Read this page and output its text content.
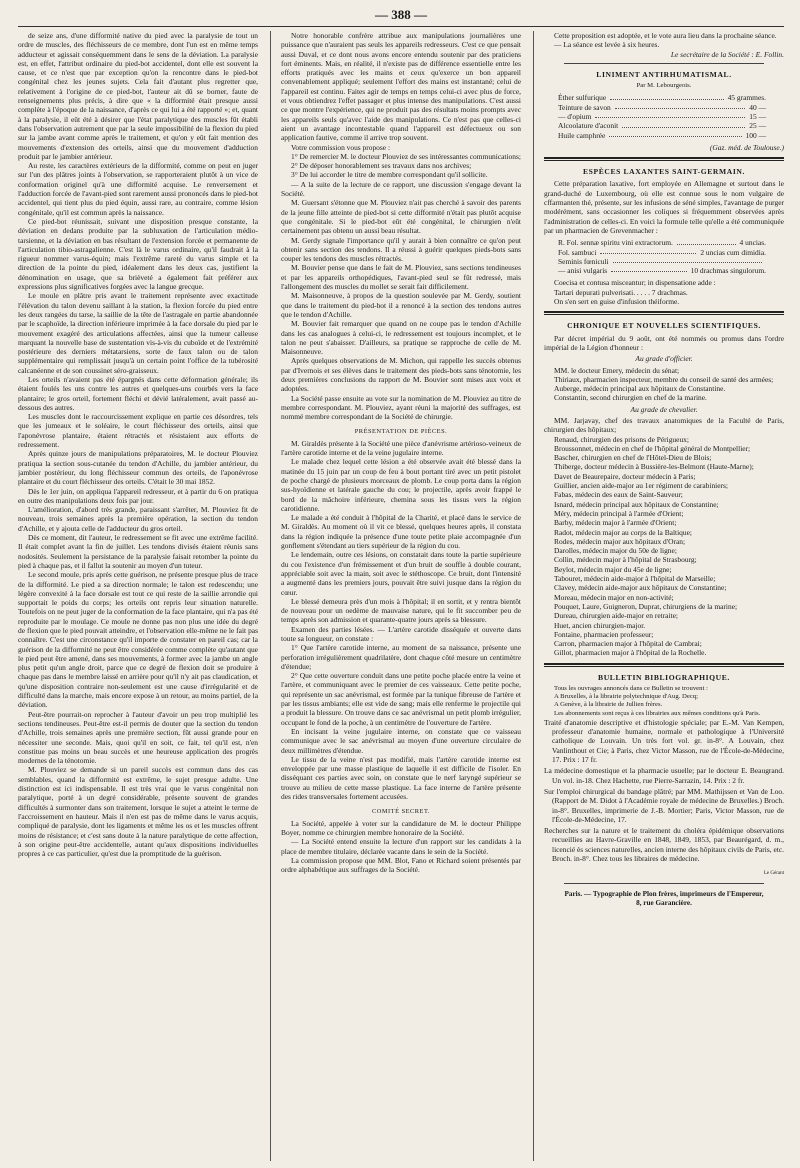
— 388 —

de seize ans, d'une difformité native du pied avec la paralysie de tout un ordre de muscles, des fléchisseurs de ce membre, dont l'un est en même temps adducteur et agissait conséquemment dans le sens de la déviation. La paralysie est, en effet, l'attribut ordinaire du pied-bot accidentel, dont elle est souvent la cause, et ce n'est que par exception qu'on la rencontre dans le pied-bot congénital chez les jeunes sujets. Cela fait d'autant plus regretter que, relativement à l'origine de ce pied-bot, l'auteur ait dû se borner, faute de renseignements plus précis, à dire que « la difformité était presque aussi complète à l'époque de la naissance, d'après ce qui lui a été rapporté »; et, quant à la paralysie, il eût été à désirer que l'état paralytique des muscles fût établi dans l'observation autrement que par la seule impossibilité de la flexion du pied sur la jambe avant comme après le traitement, et qu'on y eût fait mention des mouvements d'extension des orteils, ainsi que du mouvement d'adduction produit par le jambier antérieur.

Au reste, les caractères extérieurs de la difformité, comme on peut en juger sur l'un des plâtres joints à l'observation, se rapporteraient plutôt à un vice de conformation originel qu'à une difformité acquise. Le renversement et l'adduction forcée de l'avant-pied sont rarement aussi prononcés dans le pied-bot accidentel, qui tient plus du pied équin, aussi rare, au contraire, comme lésion congénitale, qu'il est commun après la naissance.

Ce pied-bot réunissait, suivant une disposition presque constante, la déviation en dedans produite par la subluxation de l'articulation médio-tarsienne, et la déviation en bas résultant de l'extension forcée et permanente de l'articulation tibio-astragalienne. C'est là le varus ordinaire, qu'il faudrait à la rigueur nommer varus-équin; mais l'extrême rareté du varus simple et la direction de la pointe du pied, idéalement dans les deux cas, justifient la dénomination en usage, que sa brièveté a également fait préférer aux expressions plus significatives forgées avec la langue grecque.

Le moule en plâtre pris avant le traitement représente avec exactitude l'élévation du talon devenu saillant à la station, la flexion forcée du pied entre les deux rangées du tarse, la saillie de la tête de l'astragale en partie abandonnée par le scaphoïde, la direction inférieure imprimée à la face dorsale du pied par le mouvement exagéré des articulations affectées, ainsi que la tumeur calleuse marquant la nouvelle base de sustentation vis-à-vis du cuboïde et de l'extrémité postérieure des derniers métatarsiens, sorte de faux talon ou de talon supplémentaire qui remplissait jusqu'à un certain point l'office de la tubérosité calcanéenne et de son coussinet séro-graisseux.

Les orteils n'avaient pas été épargnés dans cette déformation générale; ils étaient foulés les uns contre les autres et quelques-uns courbés vers la face plantaire; le gros orteil, fortement fléchi et dévié latéralement, avait passé au-dessous des autres.

Les muscles dont le raccourcissement explique en partie ces désordres, tels que les jumeaux et le soléaire, le court fléchisseur des orteils, ainsi que l'aponévrose plantaire, étaient rétractés et résistaient aux efforts de redressement.

Après quinze jours de manipulations préparatoires, M. le docteur Plouviez pratiqua la section sous-cutanée du tendon d'Achille, du jambier antérieur, du jambier postérieur, du long fléchisseur commun des orteils, de l'aponévrose plantaire et du court fléchisseur des orteils. C'était le 30 mai 1852.

Dès le 1er juin, on appliqua l'appareil redresseur, et à partir du 6 on pratiqua en outre des manipulations deux fois par jour.

L'amélioration, d'abord très grande, paraissant s'arrêter, M. Plouviez fit de nouveau, trois semaines après la première opération, la section du tendon d'Achille, et y ajouta celle de l'adducteur du gros orteil.

Dès ce moment, dit l'auteur, le redressement se fit avec une extrême facilité. Il était complet avant la fin de juillet. Les tendons divisés étaient réunis sans nodosités. Seulement la persistance de la paralysie faisait retomber la pointe du pied à chaque pas, et il fallut la soutenir au moyen d'un tuteur.

Le second moule, pris après cette guérison, ne présente presque plus de trace de la difformité. Le pied a sa direction normale; le talon est redescendu; une légère convexité à la face dorsale est tout ce qui reste de la saillie arrondie qui supportait le poids du corps; les orteils ont repris leur situation naturelle. Toutefois on ne peut juger de la conformation de la face plantaire, qui n'a pas été reproduite par le moulage. Ce moule ne donne pas non plus une idée du degré de flexion que le pied pouvait atteindre, et l'observation elle-même ne le fait pas connaître. C'est une circonstance qu'il importe de constater en pareil cas; car la guérison de la difformité ne peut être considérée comme complète qu'autant que le pied peut être amené, dans ses mouvements, à former avec la jambe un angle plus petit qu'un angle droit, parce que ce degré de flexion doit se produire à chaque pas dans le membre laissé en arrière pour qu'il n'y ait pas claudication, et qu'une disposition contraire non-seulement est une cause d'irrégularité et de difficulté dans la marche, mais encore expose à un retour, au moins partiel, de la déviation.

Peut-être pourrait-on reprocher à l'auteur d'avoir un peu trop multiplié les sections tendineuses. Peut-être est-il permis de douter que la section du tendon d'Achille, trois semaines après une première section, fût aussi grande pour en nécessiter une seconde. Mais, quoi qu'il en soit, ce fait, tel qu'il est, n'en constitue pas moins un beau succès et une heureuse application des progrès modernes de la ténotomie.

M. Plouviez se demande si un pareil succès est commun dans des cas semblables, quand la difformité est extrême, le sujet presque adulte. Une distinction est ici indispensable. Il est très vrai que le varus congénital non paralytique, porté à un degré considérable, présente souvent de grandes difficultés à surmonter dans son traitement, lorsque le sujet a atteint le terme de l'accroissement en hauteur. Mais il n'en est pas de même dans le varus acquis, compliqué de paralysie, dont les ligaments et même les os et les muscles offrent moins de résistance; et c'est sans doute à la nature paralytique de cette affection, à son origine peut-être accidentelle, autant qu'aux dispositions individuelles propres à ce cas particulier, qu'est due la promptitude de la guérison.

Notre honorable confrère attribue aux manipulations journalières une puissance que n'auraient pas seuls les appareils redresseurs. C'est ce que pensait aussi Duval, et ce dont nous avons encore entendu soutenir par des praticiens fort éminents. Mais, en réalité, il n'existe pas de différence essentielle entre les efforts pratiqués avec les mains et ceux qu'exerce un bon appareil convenablement appliqué; seulement l'effort des mains est instantané; celui de l'appareil est continu. Faites agir de temps en temps celui-ci avec plus de force, et vous obtiendrez l'effet passager et plus intense des manipulations. C'est aussi ce que montre l'expérience, qui ne produit pas des résultats moins prompts avec les appareils seuls qu'avec l'aide des manipulations. Ce n'est pas que celles-ci aient un avantage incontestable quand l'appareil est défectueux ou son application fautive, comme il arrive trop souvent.

Votre commission vous propose :

1° De remercier M. le docteur Plouviez de ses intéressantes communications;

2° De déposer honorablement ses travaux dans nos archives;

3° De lui accorder le titre de membre correspondant qu'il sollicite.

— A la suite de la lecture de ce rapport, une discussion s'engage devant la Société.

M. Guersant s'étonne que M. Plouviez n'ait pas cherché à savoir des parents de la jeune fille atteinte de pied-bot si cette difformité n'était pas plutôt acquise que congénitale. Si le pied-bot eût été congénital, le chirurgien n'eût certainement pas obtenu un aussi beau résultat.

M. Gerdy signale l'importance qu'il y aurait à bien connaître ce qu'on peut obtenir sans section des tendons. Il a réussi à guérir quelques pieds-bots sans couper les tendons des muscles rétractés.

M. Bouvier pense que dans le fait de M. Plouviez, sans sections tendineuses et par les appareils orthopédiques, l'avant-pied seul se fût redressé, mais l'allongement des muscles du mollet se serait fait difficilement.

M. Maisonneuve, à propos de la question soulevée par M. Gerdy, soutient que dans le traitement du pied-bot il a renoncé à la section des tendons autres que le tendon d'Achille.

M. Bouvier fait remarquer que quand on ne coupe pas le tendon d'Achille dans les cas analogues à celui-ci, le redressement est toujours incomplet, et le talon ne peut s'abaisser. D'ailleurs, sa pratique se rapproche de celle de M. Maisonneuve.

Après quelques observations de M. Michon, qui rappelle les succès obtenus par d'Ivernois et ses élèves dans le traitement des pieds-bots sans ténotomie, les deux premières conclusions du rapport de M. Bouvier sont mises aux voix et adoptées.

La Société passe ensuite au vote sur la nomination de M. Plouviez au titre de membre correspondant. M. Plouviez, ayant réuni la majorité des suffrages, est nommé membre correspondant de la Société de chirurgie.

PRÉSENTATION DE PIÈCES.

M. Giraldès présente à la Société une pièce d'anévrisme artérioso-veineux de l'artère carotide interne et de la veine jugulaire interne.

Le malade chez lequel cette lésion a été observée avait été blessé dans la matinée du 15 juin par un coup de feu à bout portant tiré avec un petit pistolet de poche chargé de plusieurs morceaux de plomb. Le coup porta dans la région sus-hyoïdienne et latérale gauche du cou; le projectile, après avoir frappé le bord de la mâchoire inférieure, chemina sous les tissus vers la région carotidienne.

Le malade a été conduit à l'hôpital de la Charité, et placé dans le service de M. Giraldès. Au moment où il vit ce blessé, quelques heures après, il constata dans la région indiquée la présence d'une toute petite plaie accompagnée d'un gonflement s'étendant au tiers supérieur de la région du cou.

Le lendemain, outre ces lésions, on constatait dans toute la partie supérieure du cou l'existence d'un frémissement et d'un bruit de souffle à double courant, appréciable soit avec la main, soit avec le stéthoscope. Ce bruit, dont l'intensité a augmenté dans les premiers jours, pouvait être suivi jusque dans la région du cœur.

Le blessé demeura près d'un mois à l'hôpital; il en sortit, et y rentra bientôt de nouveau pour un oedème de mauvaise nature, qui le fit succomber peu de temps après son admission et quarante-quatre jours après sa blessure.

Examen des parties lésées. — L'artère carotide disséquée et ouverte dans toute sa longueur, on constate :

1° Que l'artère carotide interne, au moment de sa naissance, présente une perforation irrégulièrement quadrilatère, dont chaque côté mesure un centimètre d'étendue;

2° Que cette ouverture conduit dans une petite poche placée entre la veine et l'artère, et communiquant avec le premier de ces vaisseaux. Cette petite poche, qui représente un sac anévrismal, est formée par la tunique fibreuse de l'artère et par les tissus ambiants; elle est vide de sang; mais elle renferme le projectile qui a produit la blessure. On trouve dans ce sac anévrismal un petit plomb irrégulier, occupant le fond de la poche, à un centimètre de l'ouverture de l'artère.

En incisant la veine jugulaire interne, on constate que ce vaisseau communique avec le sac anévrismal au moyen d'une ouverture circulaire de deux millimètres d'étendue.

Le tissu de la veine n'est pas modifié, mais l'artère carotide interne est enveloppée par une masse plastique de laquelle il est difficile de l'isoler. En disséquant ces parties avec soin, on constate que le nerf laryngé supérieur se trouve au milieu de cette masse plastique. La face interne de l'artère présente des rides transversales fortement accusées.

COMITÉ SECRET.

La Société, appelée à voter sur la candidature de M. le docteur Philippe Boyer, nomme ce chirurgien membre honoraire de la Société.

— La Société entend ensuite la lecture d'un rapport sur les candidats à la place de membre titulaire, déclarée vacante dans le sein de la Société.

La commission propose que MM. Blot, Fano et Richard soient présentés par ordre alphabétique aux suffrages de la Société.

Cette proposition est adoptée, et le vote aura lieu dans la prochaine séance.

— La séance est levée à six heures.

Le secrétaire de la Société : E. Follin.

LINIMENT ANTIRHUMATISMAL.

Par M. Lebourgeois.

Éther sulfurique	45 grammes.
Teinture de savon	40 —
— d'opium	15 —
Alcoolature d'aconit	25 —
Huile camphrée	100 —

(Gaz. méd. de Toulouse.)

ESPÈCES LAXANTES SAINT-GERMAIN.

Cette préparation laxative, fort employée en Allemagne et surtout dans le grand-duché de Luxembourg, où elle est connue sous le nom vulgaire de cffarmanten thé, présente, sur les infusions de séné simples, l'avantage de purger modérément, sans occasionner les coliques si fréquemment observées après l'administration de celles-ci. En voici la formule telle qu'elle a été communiquée par un pharmacien de Grevenmacher :

R. Fol. sennæ spiritu vini extractorum.	4 uncias.
Fol. sambuci	2 uncias cum dimidia.
Seminis fœniculi
— anisi vulgaris	10 drachmas singulorum.

Coecisa et contusa misceantur; in dispensatione adde :

Tartari depurati pulverisati. . . . . 7 drachmas.

On s'en sert en guise d'infusion théiforme.

CHRONIQUE ET NOUVELLES SCIENTIFIQUES.

Par décret impérial du 9 août, ont été nommés ou promus dans l'ordre impérial de la Légion d'honneur :

Au grade d'officier.

MM. le docteur Emery, médecin du sénat;

Thiriaux, pharmacien inspecteur, membre du conseil de santé des armées;

Auberge, médecin principal aux hôpitaux de Constantine.

Constantin, second chirurgien en chef de la marine.

Au grade de chevalier.

MM. Jarjavay, chef des travaux anatomiques de la Faculté de Paris, chirurgien des hôpitaux;

Renaud, chirurgien des prisons de Périgueux;

Broussonnet, médecin en chef de l'hôpital général de Montpellier;

Bascher, chirurgien en chef de l'Hôtel-Dieu de Blois;

Thiberge, docteur médecin à Bussière-les-Belmont (Haute-Marne);

Davet de Beaurepaire, docteur médecin à Paris;

Guillier, ancien aide-major au 1er régiment de carabiniers;

Fabas, médecin des eaux de Saint-Sauveur;

Isnard, médecin principal aux hôpitaux de Constantine;

Méry, médecin principal à l'armée d'Orient;

Barby, médecin major à l'armée d'Orient;

Radot, médecin major au corps de la Baltique;

Rodes, médecin major aux hôpitaux d'Oran;

Darolles, médecin major du 50e de ligne;

Collin, médecin major à l'hôpital de Strasbourg;

Beylot, médecin major du 45e de ligne;

Tabouret, médecin aide-major à l'hôpital de Marseille;

Clavey, médecin aide-major aux hôpitaux de Constantine;

Moreau, médecin major en non-activité;

Pouquet, Laure, Guigneron, Duprat, chirurgiens de la marine;

Dureau, chirurgien aide-major en retraite;

Huet, ancien chirurgien-major.

Fontaine, pharmacien professeur;

Carron, pharmacien major à l'hôpital de Cambrai;

Gillot, pharmacien major à l'hôpital de la Rochelle.

BULLETIN BIBLIOGRAPHIQUE.

Tous les ouvrages annoncés dans ce Bulletin se trouvent :

A Bruxelles, à la librairie polytechnique d'Aug. Decq;

A Genève, à la librairie de Jullien frères.

Les abonnements sont reçus à ces librairies aux mêmes conditions qu'à Paris.

Traité d'anatomie descriptive et d'histologie spéciale; par E.-M. Van Kempen, professeur d'anatomie humaine, normale et pathologique à l'Université catholique de Louvain. Un très fort vol. gr. in-8°. A Louvain, chez Vanlinthout et Cie; à Paris, chez Victor Masson, rue de l'École-de-Médecine, 17. Prix : 17 fr.

La médecine domestique et la pharmacie usuelle; par le docteur E. Beaugrand. Un vol. in-18. Chez Hachette, rue Pierre-Sarrazin, 14. Prix : 2 fr.

Sur l'emploi chirurgical du bandage plâtré; par MM. Mathijssen et Van de Loo. (Rapport de M. Didot à l'Académie royale de médecine de Bruxelles.) Broch. in-8°. Bruxelles, imprimerie de J.-B. Mortier; Paris, Victor Masson, rue de l'École-de-Médecine, 17.

Recherches sur la nature et le traitement du choléra épidémique observations recueillies au Havre-Graville en 1848, 1849, 1853, par Beaurégard, d. m., licencié ès sciences naturelles, ancien interne des hôpitaux civils de Paris, etc. Broch. in-8°. Chez tous les libraires de médecine.

Le Gérant
Paris. — Typographie de Plon frères, imprimeurs de l'Empereur,
8, rue Garancière.
